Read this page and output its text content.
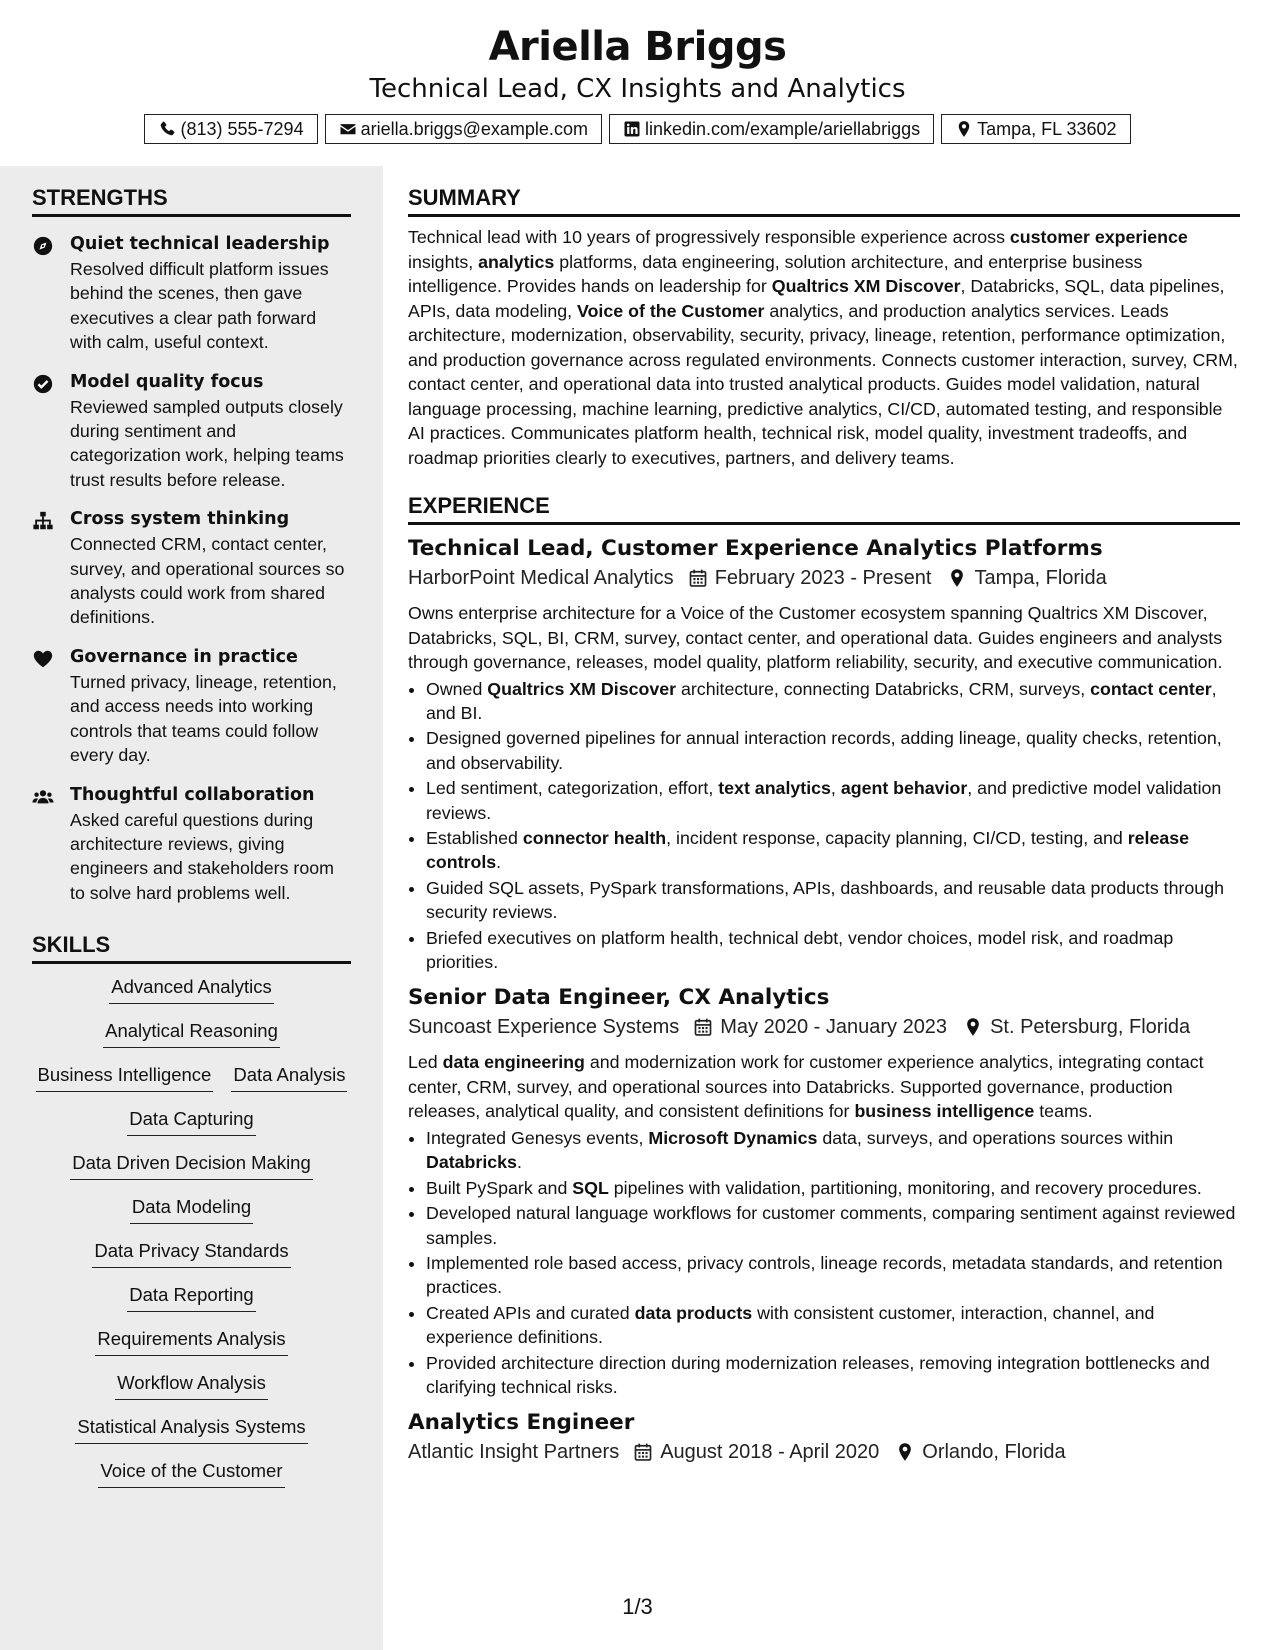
Ariella Briggs
Technical Lead, CX Insights and Analytics
(813) 555-7294	ariella.briggs@example.com	linkedin.com/example/ariellabriggs	Tampa, FL 33602
STRENGTHS
Quiet technical leadership
Resolved difficult platform issues behind the scenes, then gave executives a clear path forward with calm, useful context.
Model quality focus
Reviewed sampled outputs closely during sentiment and categorization work, helping teams trust results before release.
Cross system thinking
Connected CRM, contact center, survey, and operational sources so analysts could work from shared definitions.
Governance in practice
Turned privacy, lineage, retention, and access needs into working controls that teams could follow every day.
Thoughtful collaboration
Asked careful questions during architecture reviews, giving engineers and stakeholders room to solve hard problems well.
SKILLS
Advanced Analytics
Analytical Reasoning
Business Intelligence Data Analysis
Data Capturing
Data Driven Decision Making
Data Modeling
Data Privacy Standards
Data Reporting
Requirements Analysis
Workflow Analysis
Statistical Analysis Systems
Voice of the Customer
SUMMARY

Technical lead with 10 years of progressively responsible experience across customer experience insights, analytics platforms, data engineering, solution architecture, and enterprise business intelligence. Provides hands on leadership for Qualtrics XM Discover, Databricks, SQL, data pipelines, APIs, data modeling, Voice of the Customer analytics, and production analytics services. Leads architecture, modernization, observability, security, privacy, lineage, retention, performance optimization, and production governance across regulated environments. Connects customer interaction, survey, CRM, contact center, and operational data into trusted analytical products. Guides model validation, natural language processing, machine learning, predictive analytics, CI/CD, automated testing, and responsible AI practices. Communicates platform health, technical risk, model quality, investment tradeoffs, and roadmap priorities clearly to executives, partners, and delivery teams.

EXPERIENCE
Technical Lead, Customer Experience Analytics Platforms
HarborPoint Medical Analytics February 2023 - Present Tampa, Florida

Owns enterprise architecture for a Voice of the Customer ecosystem spanning Qualtrics XM Discover, Databricks, SQL, BI, CRM, survey, contact center, and operational data. Guides engineers and analysts through governance, releases, model quality, platform reliability, security, and executive communication.

• Owned Qualtrics XM Discover architecture, connecting Databricks, CRM, surveys, contact center, and BI.
• Designed governed pipelines for annual interaction records, adding lineage, quality checks, retention, and observability.
• Led sentiment, categorization, effort, text analytics, agent behavior, and predictive model validation reviews.
• Established connector health, incident response, capacity planning, CI/CD, testing, and release controls.
• Guided SQL assets, PySpark transformations, APIs, dashboards, and reusable data products through security reviews.
• Briefed executives on platform health, technical debt, vendor choices, model risk, and roadmap priorities.
Senior Data Engineer, CX Analytics
Suncoast Experience Systems May 2020 - January 2023 St. Petersburg, Florida

Led data engineering and modernization work for customer experience analytics, integrating contact center, CRM, survey, and operational sources into Databricks. Supported governance, production releases, analytical quality, and consistent definitions for business intelligence teams.

• Integrated Genesys events, Microsoft Dynamics data, surveys, and operations sources within Databricks.
• Built PySpark and SQL pipelines with validation, partitioning, monitoring, and recovery procedures.
• Developed natural language workflows for customer comments, comparing sentiment against reviewed samples.
• Implemented role based access, privacy controls, lineage records, metadata standards, and retention practices.
• Created APIs and curated data products with consistent customer, interaction, channel, and experience definitions.
• Provided architecture direction during modernization releases, removing integration bottlenecks and clarifying technical risks.
Analytics Engineer
Atlantic Insight Partners August 2018 - April 2020 Orlando, Florida
1/3
